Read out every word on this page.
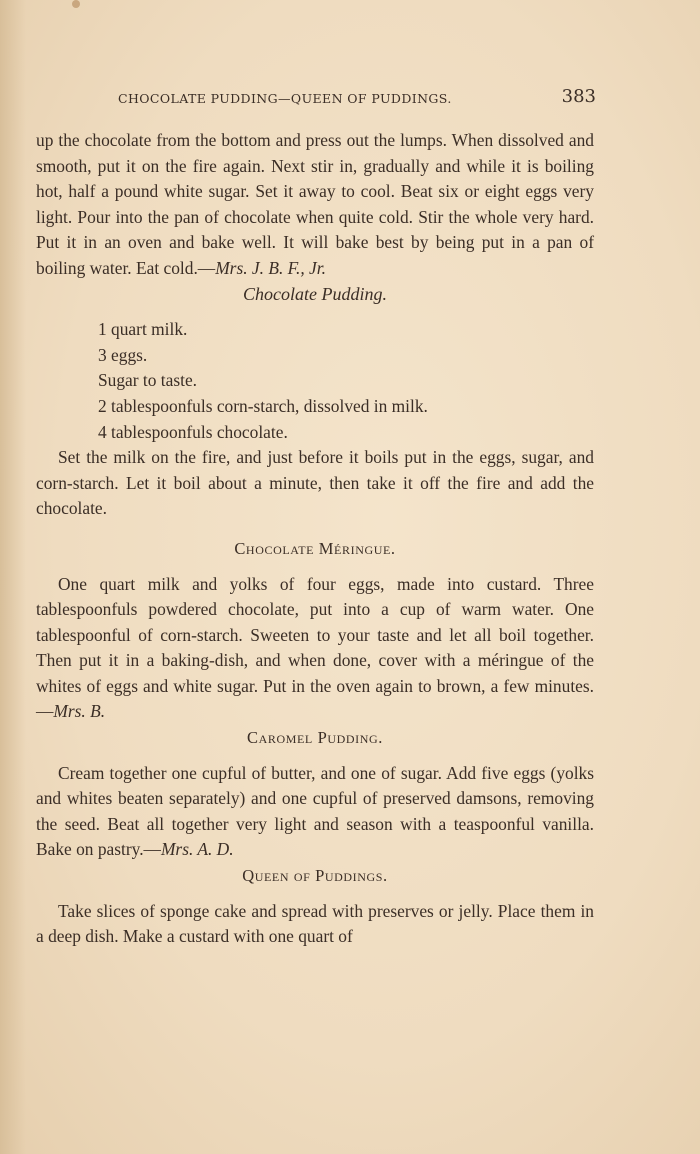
CHOCOLATE PUDDING—QUEEN OF PUDDINGS.	383

up the chocolate from the bottom and press out the lumps. When dissolved and smooth, put it on the fire again. Next stir in, gradually and while it is boiling hot, half a pound white sugar. Set it away to cool. Beat six or eight eggs very light. Pour into the pan of chocolate when quite cold. Stir the whole very hard. Put it in an oven and bake well. It will bake best by being put in a pan of boiling water. Eat cold.—Mrs. J. B. F., Jr.

Chocolate Pudding.

1 quart milk.
3 eggs.
Sugar to taste.
2 tablespoonfuls corn-starch, dissolved in milk.
4 tablespoonfuls chocolate.

Set the milk on the fire, and just before it boils put in the eggs, sugar, and corn-starch. Let it boil about a minute, then take it off the fire and add the chocolate.

Chocolate Méringue.

One quart milk and yolks of four eggs, made into custard. Three tablespoonfuls powdered chocolate, put into a cup of warm water. One tablespoonful of corn-starch. Sweeten to your taste and let all boil together. Then put it in a baking-dish, and when done, cover with a méringue of the whites of eggs and white sugar. Put in the oven again to brown, a few minutes.—Mrs. B.

Caromel Pudding.

Cream together one cupful of butter, and one of sugar. Add five eggs (yolks and whites beaten separately) and one cupful of preserved damsons, removing the seed. Beat all together very light and season with a teaspoonful vanilla. Bake on pastry.—Mrs. A. D.

Queen of Puddings.

Take slices of sponge cake and spread with preserves or jelly. Place them in a deep dish. Make a custard with one quart of
